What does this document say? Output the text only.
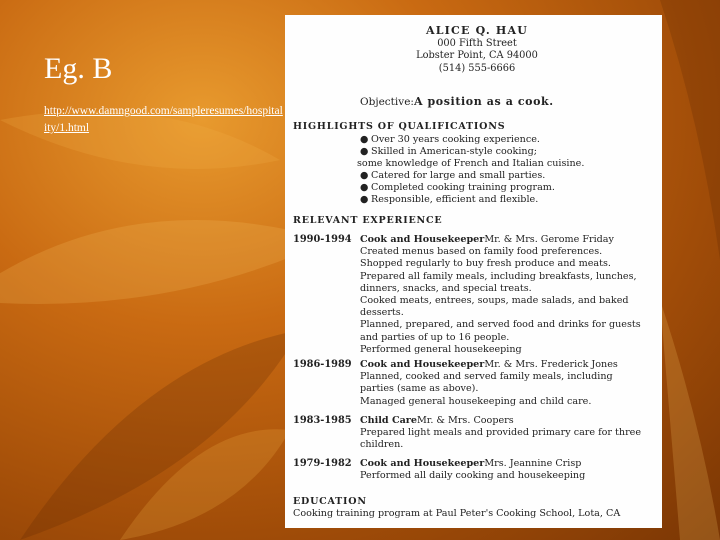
Eg. B
http://www.damngood.com/sampleresumes/hospitality/1.html
ALICE Q. HAU
000 Fifth Street
Lobster Point, CA 94000
(514) 555-6666
Objective:A position as a cook.
HIGHLIGHTS OF QUALIFICATIONS
● Over 30 years cooking experience.
● Skilled in American-style cooking;
some knowledge of French and Italian cuisine.
● Catered for large and small parties.
● Completed cooking training program.
● Responsible, efficient and flexible.
RELEVANT EXPERIENCE
1990-1994 Cook and HousekeeperMr. & Mrs. Gerome Friday
Created menus based on family food preferences.
Shopped regularly to buy fresh produce and meats.
Prepared all family meals, including breakfasts, lunches,
dinners, snacks, and special treats.
Cooked meats, entrees, soups, made salads, and baked
desserts.
Planned, prepared, and served food and drinks for guests
and parties of up to 16 people.
Performed general housekeeping
1986-1989 Cook and HousekeeperMr. & Mrs. Frederick Jones
Planned, cooked and served family meals, including
parties (same as above).
Managed general housekeeping and child care.
1983-1985 Child CareMr. & Mrs. Coopers
Prepared light meals and provided primary care for three
children.
1979-1982 Cook and HousekeeperMrs. Jeannine Crisp
Performed all daily cooking and housekeeping
EDUCATION
Cooking training program at Paul Peter's Cooking School, Lota, CA
